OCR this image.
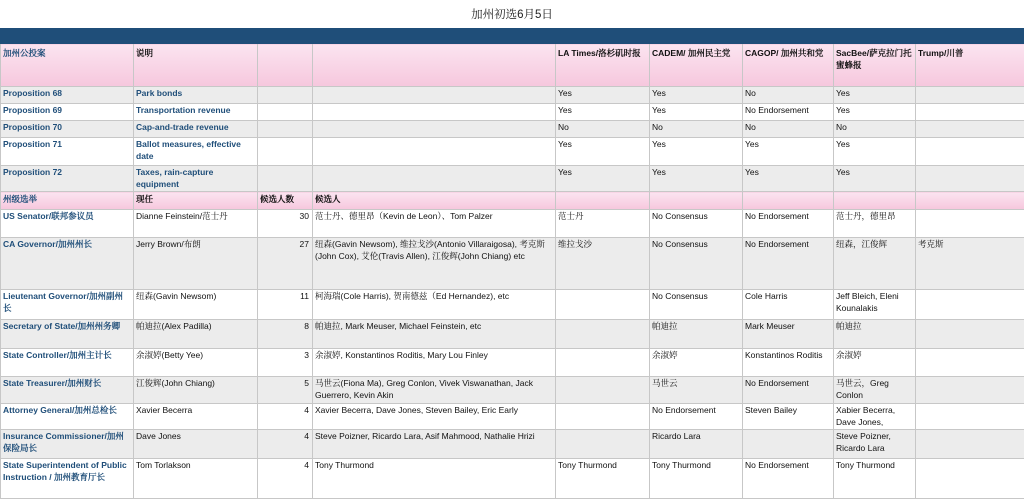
加州初选6月5日

加州公投案	说明			LA Times/洛杉矶时报	CADEM/ 加州民主党	CAGOP/ 加州共和党	SacBee/萨克拉门托蜜蜂报	Trump/川普
Proposition 68	Park bonds			Yes	Yes	No	Yes	
Proposition 69	Transportation revenue			Yes	Yes	No Endorsement	Yes	
Proposition 70	Cap-and-trade revenue			No	No	No	No	
Proposition 71	Ballot measures, effective date			Yes	Yes	Yes	Yes	
Proposition 72	Taxes, rain-capture equipment			Yes	Yes	Yes	Yes	
州级选举	现任	候选人数	候选人					
US Senator/联邦参议员	Dianne Feinstein/范士丹	30	范士丹、德里昂（Kevin de Leon）、Tom Palzer	范士丹	No Consensus	No Endorsement	范士丹，德里昂	
CA Governor/加州州长	Jerry Brown/布朗	27	纽森(Gavin Newsom), 维拉戈沙(Antonio Villaraigosa), 考克斯(John Cox), 艾伦(Travis Allen), 江俊辉(John Chiang) etc	维拉戈沙	No Consensus	No Endorsement	纽森，江俊辉	考克斯
Lieutenant Governor/加州副州长	纽森(Gavin Newsom)	11	柯海瑞(Cole Harris), 贺南德兹（Ed Hernandez), etc		No Consensus	Cole Harris	Jeff Bleich, Eleni Kounalakis	
Secretary of State/加州州务卿	帕迪拉(Alex Padilla)	8	帕迪拉, Mark Meuser, Michael Feinstein, etc		帕迪拉	Mark Meuser	帕迪拉	
State Controller/加州主计长	余淑婷(Betty Yee)	3	余淑婷, Konstantinos Roditis, Mary Lou Finley		余淑婷	Konstantinos Roditis	余淑婷	
State Treasurer/加州财长	江俊辉(John Chiang)	5	马世云(Fiona Ma), Greg Conlon, Vivek Viswanathan, Jack Guerrero, Kevin Akin		马世云	No Endorsement	马世云，Greg Conlon	
Attorney General/加州总检长	Xavier Becerra	4	Xavier Becerra, Dave Jones, Steven Bailey, Eric Early		No Endorsement	Steven Bailey	Xabier Becerra, Dave Jones,	
Insurance Commissioner/加州保险局长	Dave Jones	4	Steve Poizner, Ricardo Lara, Asif Mahmood, Nathalie Hrizi		Ricardo Lara		Steve Poizner, Ricardo Lara	
State Superintendent of Public Instruction / 加州教育厅长	Tom Torlakson	4	Tony Thurmond	Tony Thurmond	Tony Thurmond	No Endorsement	Tony Thurmond	
